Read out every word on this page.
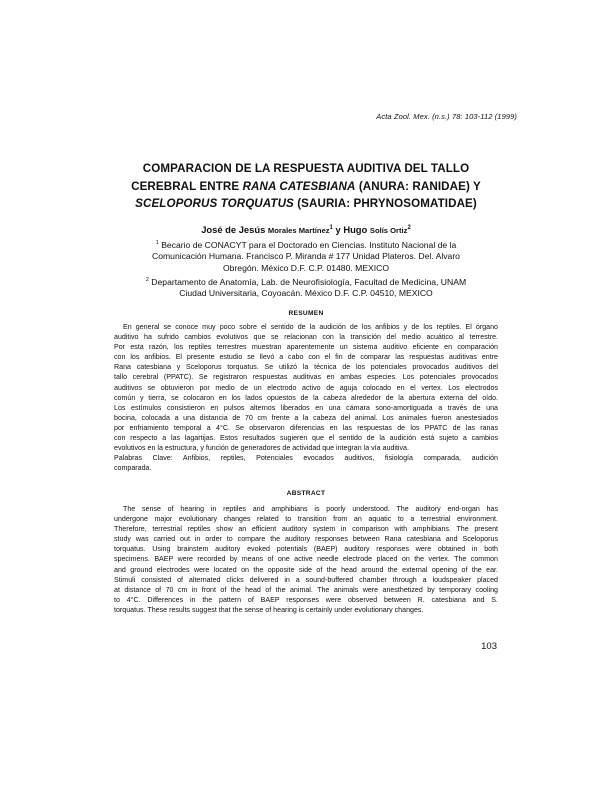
Acta Zool. Mex. (n.s.) 78: 103-112 (1999)
COMPARACION DE LA RESPUESTA AUDITIVA DEL TALLO
CEREBRAL ENTRE RANA CATESBIANA (ANURA: RANIDAE) Y
SCELOPORUS TORQUATUS (SAURIA: PHRYNOSOMATIDAE)
José de Jesús Morales Martínez$^1$ y Hugo Solís Ortiz$^2$
$^1$ Becario de CONACYT para el Doctorado en Ciencias. Instituto Nacional de la
Comunicación Humana. Francisco P. Miranda # 177 Unidad Plateros. Del. Alvaro
Obregón. México D.F. C.P. 01480. MEXICO
$^2$ Departamento de Anatomía, Lab. de Neurofisiología, Facultad de Medicina, UNAM
Ciudad Universitaria, Coyoacán. México D.F. C.P. 04510, MEXICO
RESUMEN
En general se conoce muy poco sobre el sentido de la audición de los anfibios y de los reptiles. El órgano
auditivo ha sufrido cambios evolutivos que se relacionan con la transición del medio acuático al terrestre.
Por esta razón, los reptiles terrestres muestran aparentemente un sistema auditivo eficiente en comparación
con los anfibios. El presente estudio se llevó a cabo con el fin de comparar las respuestas auditivas entre
Rana catesbiana y Sceloporus torquatus. Se utilizó la técnica de los potenciales provocados auditivos del
tallo cerebral (PPATC). Se registraron respuestas auditivas en ambas especies. Los potenciales provocados
auditivos se obtuvieron por medio de un electrodo activo de aguja colocado en el vertex. Los electrodos
común y tierra, se colocaron en los lados opuestos de la cabeza alrededor de la abertura externa del oído.
Los estímulos consistieron en pulsos alternos liberados en una cámara sono-amortiguada a través de una
bocina, colocada a una distancia de 70 cm frente a la cabeza del animal. Los animales fueron anestesiados
por enfriamiento temporal a 4°C. Se observaron diferencias en las respuestas de los PPATC de las ranas
con respecto a las lagartijas. Estos resultados sugieren que el sentido de la audición está sujeto a cambios
evolutivos en la estructura, y función de generadores de actividad que integran la vía auditiva.
Palabras Clave: Anfibios, reptiles, Potenciales evocados auditivos, fisiología comparada, audición
comparada.
ABSTRACT
The sense of hearing in reptiles and amphibians is poorly understood. The auditory end-organ has
undergone major evolutionary changes related to transition from an aquatic to a terrestrial environment.
Therefore, terrestrial reptiles show an efficient auditory system in comparison with amphibians. The present
study was carried out in order to compare the auditory responses between Rana catesbiana and Sceloporus
torquatus. Using brainstem auditory evoked potentials (BAEP) auditory responses were obtained in both
specimens. BAEP were recorded by means of one active needle electrode placed on the vertex. The common
and ground electrodes were located on the opposite side of the head around the external opening of the ear.
Stimuli consisted of alternated clicks delivered in a sound-buffered chamber through a loudspeaker placed
at distance of 70 cm in front of the head of the animal. The animals were anesthetized by temporary cooling
to 4°C. Differences in the pattern of BAEP responses were observed between R. catesbiana and S.
torquatus. These results suggest that the sense of hearing is certainly under evolutionary changes.
103
